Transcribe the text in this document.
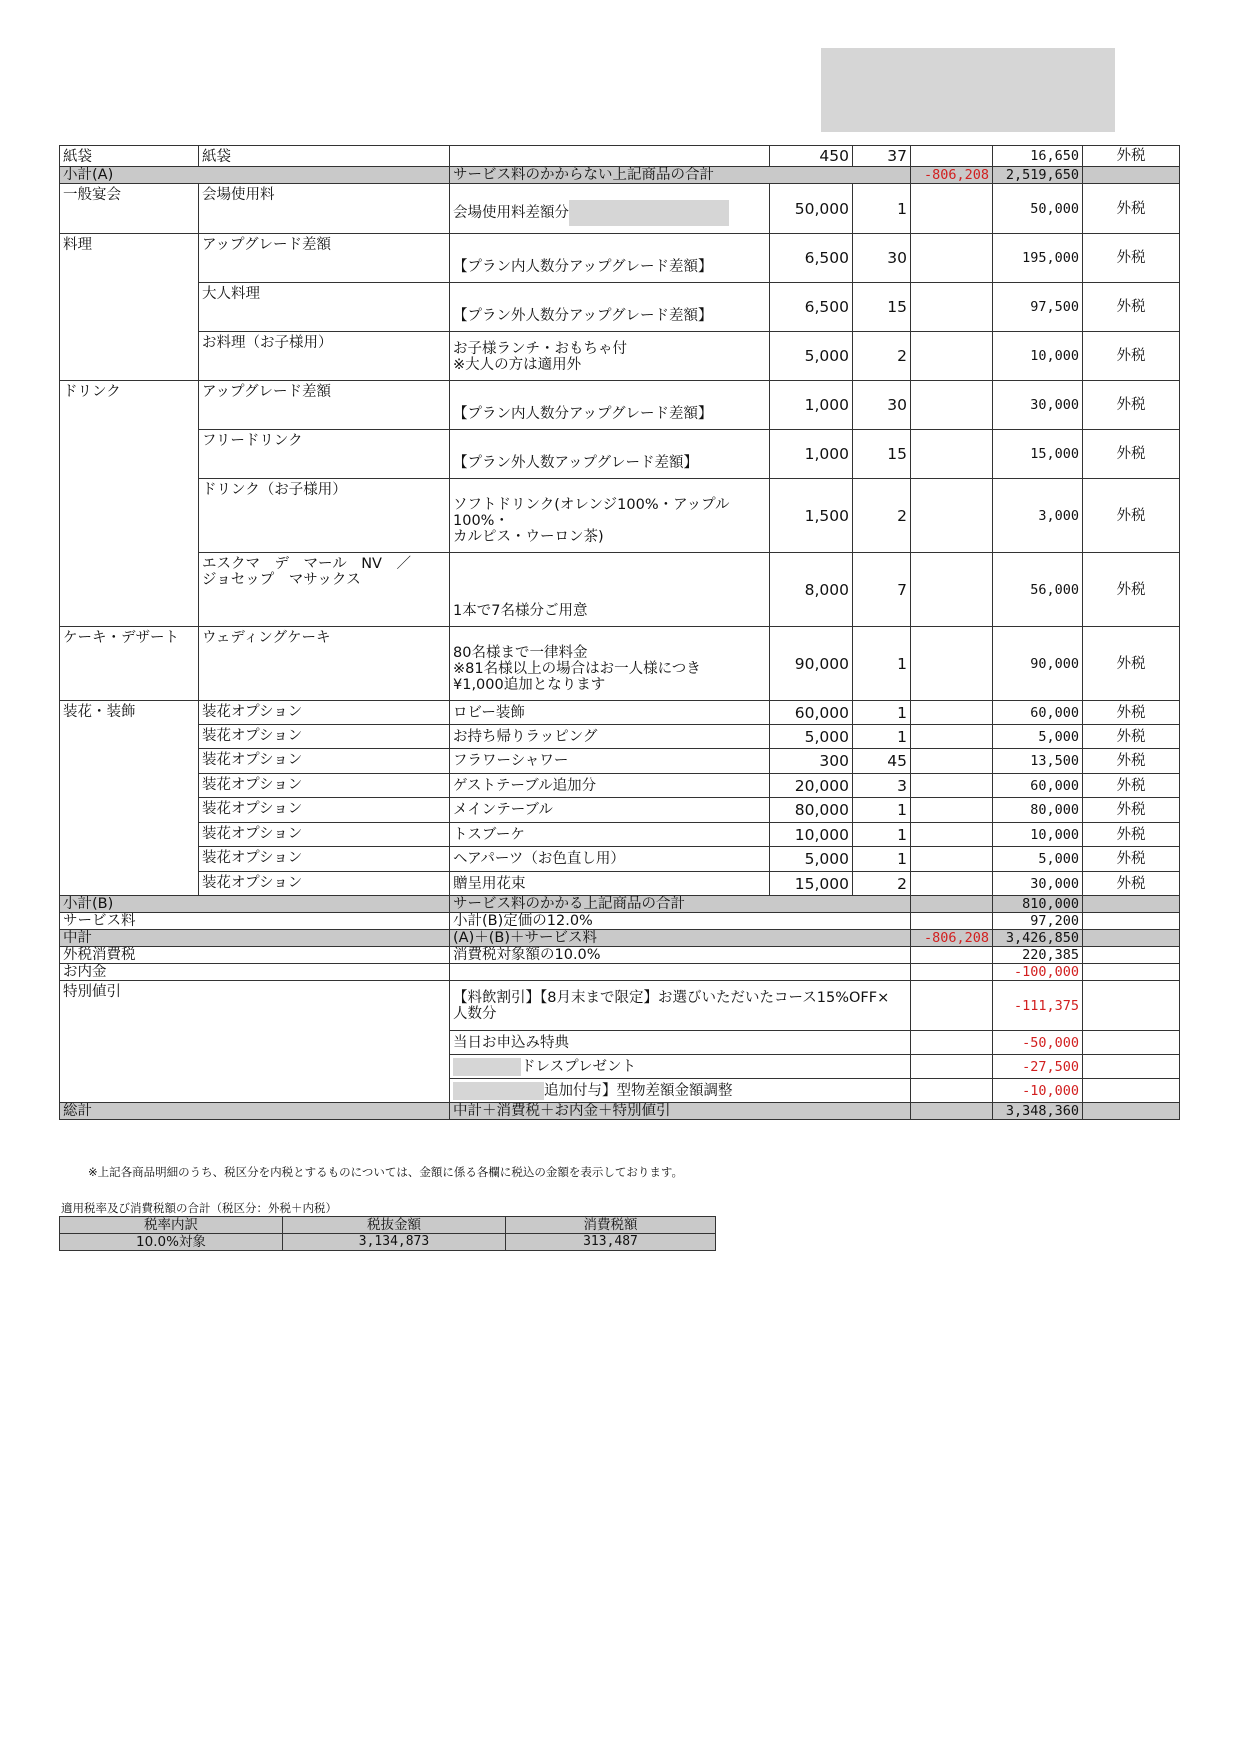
紙袋	紙袋		450	37		16,650	外税
小計(A)		サービス料のかからない上記商品の合計			-806,208	2,519,650	
一般宴会	会場使用料	会場使用料差額分	50,000	1		50,000	外税
料理	アップグレード差額	【プラン内人数分アップグレード差額】	6,500	30		195,000	外税
	大人料理	【プラン外人数分アップグレード差額】	6,500	15		97,500	外税
	お料理（お子様用）	お子様ランチ・おもちゃ付
※大人の方は適用外	5,000	2		10,000	外税
ドリンク	アップグレード差額	【プラン内人数分アップグレード差額】	1,000	30		30,000	外税
	フリードリンク	【プラン外人数アップグレード差額】	1,000	15		15,000	外税
	ドリンク（お子様用）	ソフトドリンク(オレンジ100%・アップル100%・
カルピス・ウーロン茶)	1,500	2		3,000	外税
	エスクマ　デ　マール　NV　／
ジョセップ　マサックス	1本で7名様分ご用意	8,000	7		56,000	外税
ケーキ・デザート	ウェディングケーキ	80名様まで一律料金
※81名様以上の場合はお一人様につき
¥1,000追加となります	90,000	1		90,000	外税
装花・装飾	装花オプション	ロビー装飾	60,000	1		60,000	外税
	装花オプション	お持ち帰りラッピング	5,000	1		5,000	外税
	装花オプション	フラワーシャワー	300	45		13,500	外税
	装花オプション	ゲストテーブル追加分	20,000	3		60,000	外税
	装花オプション	メインテーブル	80,000	1		80,000	外税
	装花オプション	トスブーケ	10,000	1		10,000	外税
	装花オプション	ヘアパーツ（お色直し用）	5,000	1		5,000	外税
	装花オプション	贈呈用花束	15,000	2		30,000	外税
小計(B)		サービス料のかかる上記商品の合計				810,000	
サービス料		小計(B)定価の12.0%				97,200	
中計		(A)＋(B)＋サービス料			-806,208	3,426,850	
外税消費税		消費税対象額の10.0%				220,385	
お内金						-100,000	
特別値引		【料飲割引】【8月末まで限定】お選びいただいたコース15%OFF×
人数分				-111,375	
		当日お申込み特典				-50,000	
		ドレスプレゼント				-27,500	
		追加付与】型物差額金額調整				-10,000	
総計		中計＋消費税＋お内金＋特別値引				3,348,360	
※上記各商品明細のうち、税区分を内税とするものについては、金額に係る各欄に税込の金額を表示しております。
適用税率及び消費税額の合計（税区分：外税＋内税）
税率内訳	税抜金額	消費税額
10.0%対象	3,134,873	313,487
